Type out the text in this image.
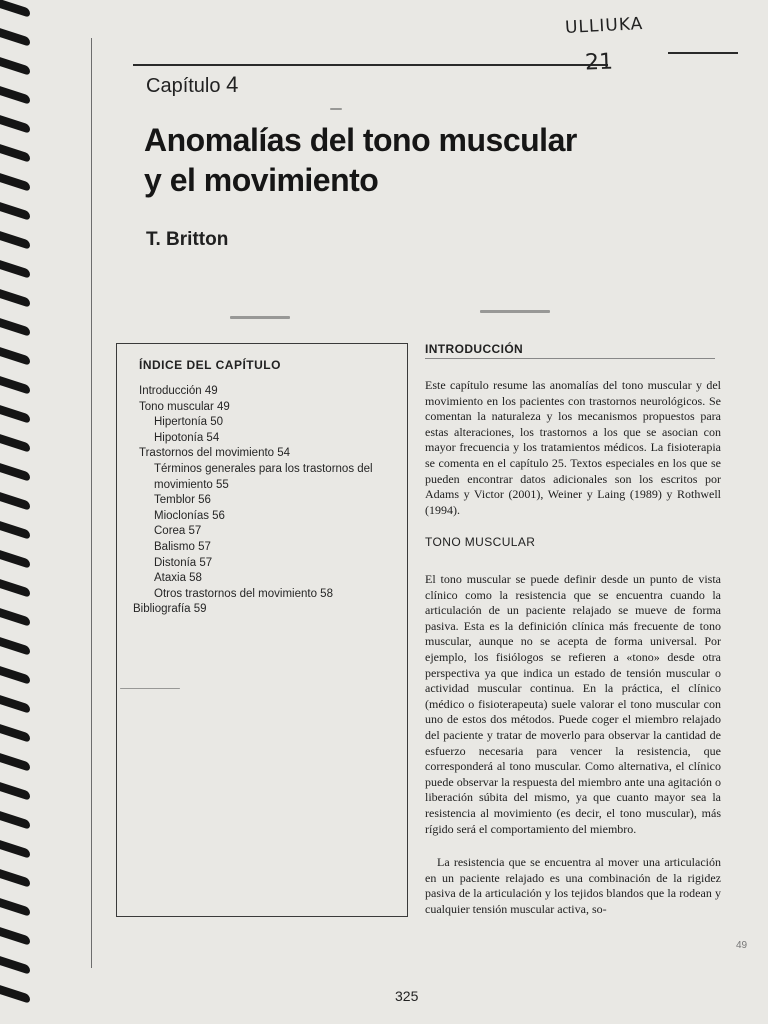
ULLIUKA
21
Capítulo 4
Anomalías del tono muscular
y el movimiento
T. Britton
ÍNDICE DEL CAPÍTULO
Introducción 49
Tono muscular 49
Hipertonía 50
Hipotonía 54
Trastornos del movimiento 54
Términos generales para los trastornos del movimiento 55
Temblor 56
Mioclonías 56
Corea 57
Balismo 57
Distonía 57
Ataxia 58
Otros trastornos del movimiento 58
Bibliografía 59
INTRODUCCIÓN

Este capítulo resume las anomalías del tono muscular y del movimiento en los pacientes con trastornos neurológicos. Se comentan la naturaleza y los mecanismos propuestos para estas alteraciones, los trastornos a los que se asocian con mayor frecuencia y los tratamientos médicos. La fisioterapia se comenta en el capítulo 25. Textos especiales en los que se pueden encontrar datos adicionales son los escritos por Adams y Victor (2001), Weiner y Laing (1989) y Rothwell (1994).

TONO MUSCULAR

El tono muscular se puede definir desde un punto de vista clínico como la resistencia que se encuentra cuando la articulación de un paciente relajado se mueve de forma pasiva. Esta es la definición clínica más frecuente de tono muscular, aunque no se acepta de forma universal. Por ejemplo, los fisiólogos se refieren a «tono» desde otra perspectiva ya que indica un estado de tensión muscular o actividad muscular continua. En la práctica, el clínico (médico o fisioterapeuta) suele valorar el tono muscular con uno de estos dos métodos. Puede coger el miembro relajado del paciente y tratar de moverlo para observar la cantidad de esfuerzo necesaria para vencer la resistencia, que corresponderá al tono muscular. Como alternativa, el clínico puede observar la respuesta del miembro ante una agitación o liberación súbita del mismo, ya que cuanto mayor sea la resistencia al movimiento (es decir, el tono muscular), más rígido será el comportamiento del miembro.

La resistencia que se encuentra al mover una articulación en un paciente relajado es una combinación de la rigidez pasiva de la articulación y los tejidos blandos que la rodean y cualquier tensión muscular activa, so-

325
49
